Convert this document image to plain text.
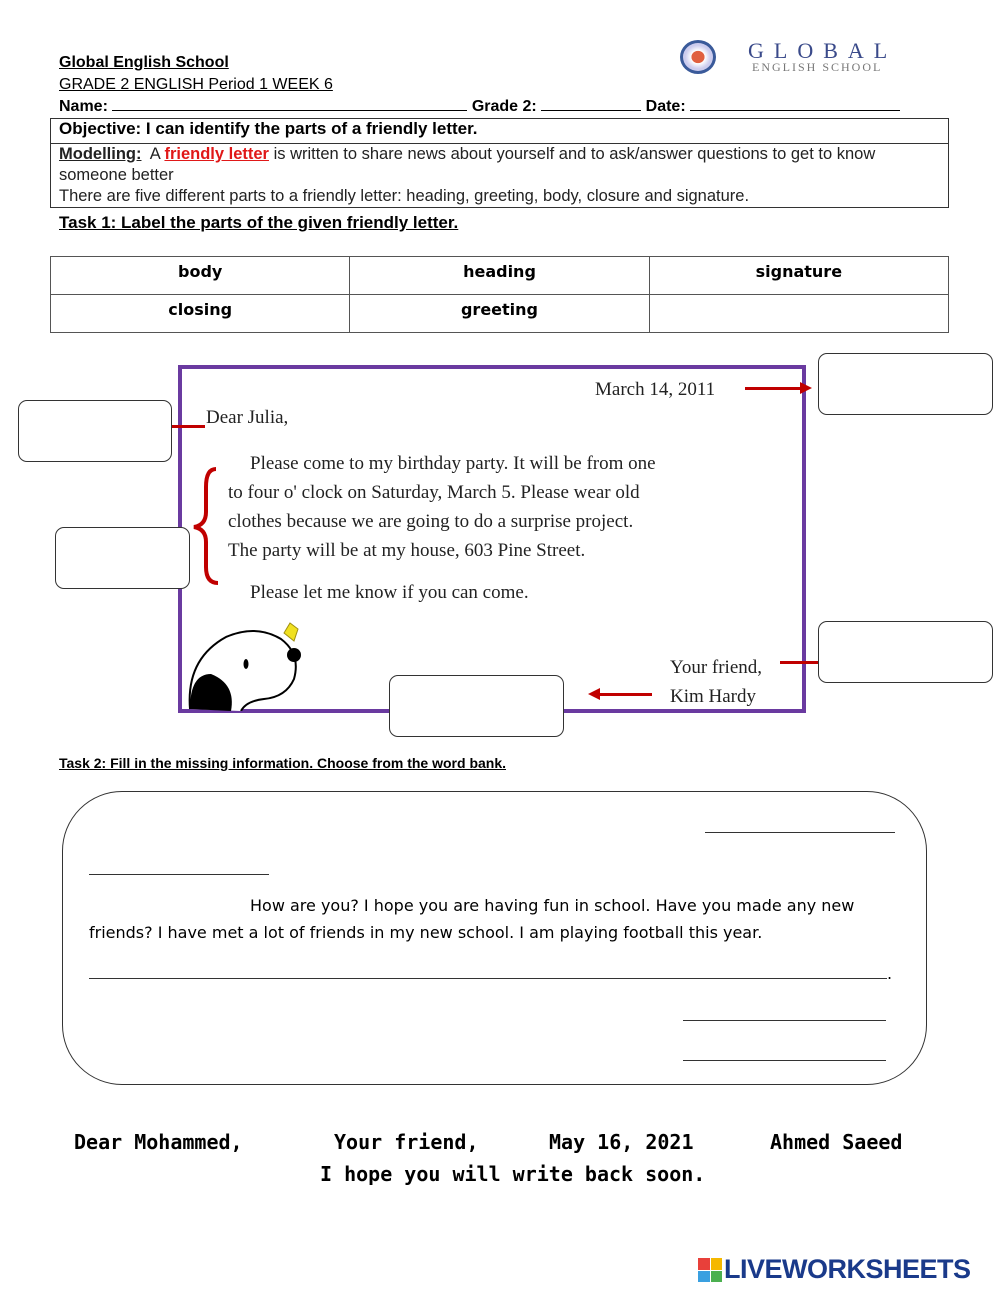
Global English School
GRADE 2 ENGLISH Period 1 WEEK 6
Name:	Grade 2:	Date:
GLOBAL
ENGLISH SCHOOL
Objective: I can identify the parts of a friendly letter.
Modelling: A friendly letter is written to share news about yourself and to ask/answer questions to get to know someone better
There are five different parts to a friendly letter: heading, greeting, body, closure and signature.
Task 1: Label the parts of the given friendly letter.
body	heading	signature
closing	greeting	
March 14, 2011
Dear Julia,
Please come to my birthday party. It will be from one
to four o' clock on Saturday, March 5. Please wear old
clothes because we are going to do a surprise project.
The party will be at my house, 603 Pine Street.
Please let me know if you can come.
Your friend,
Kim Hardy
Task 2: Fill in the missing information. Choose from the word bank.
How are you? I hope you are having fun in school. Have you made any new
friends? I have met a lot of friends in my new school. I am playing football this year.
.
Dear Mohammed,	Your friend,	May 16, 2021	Ahmed Saeed
I hope you will write back soon.
LIVEWORKSHEETS
